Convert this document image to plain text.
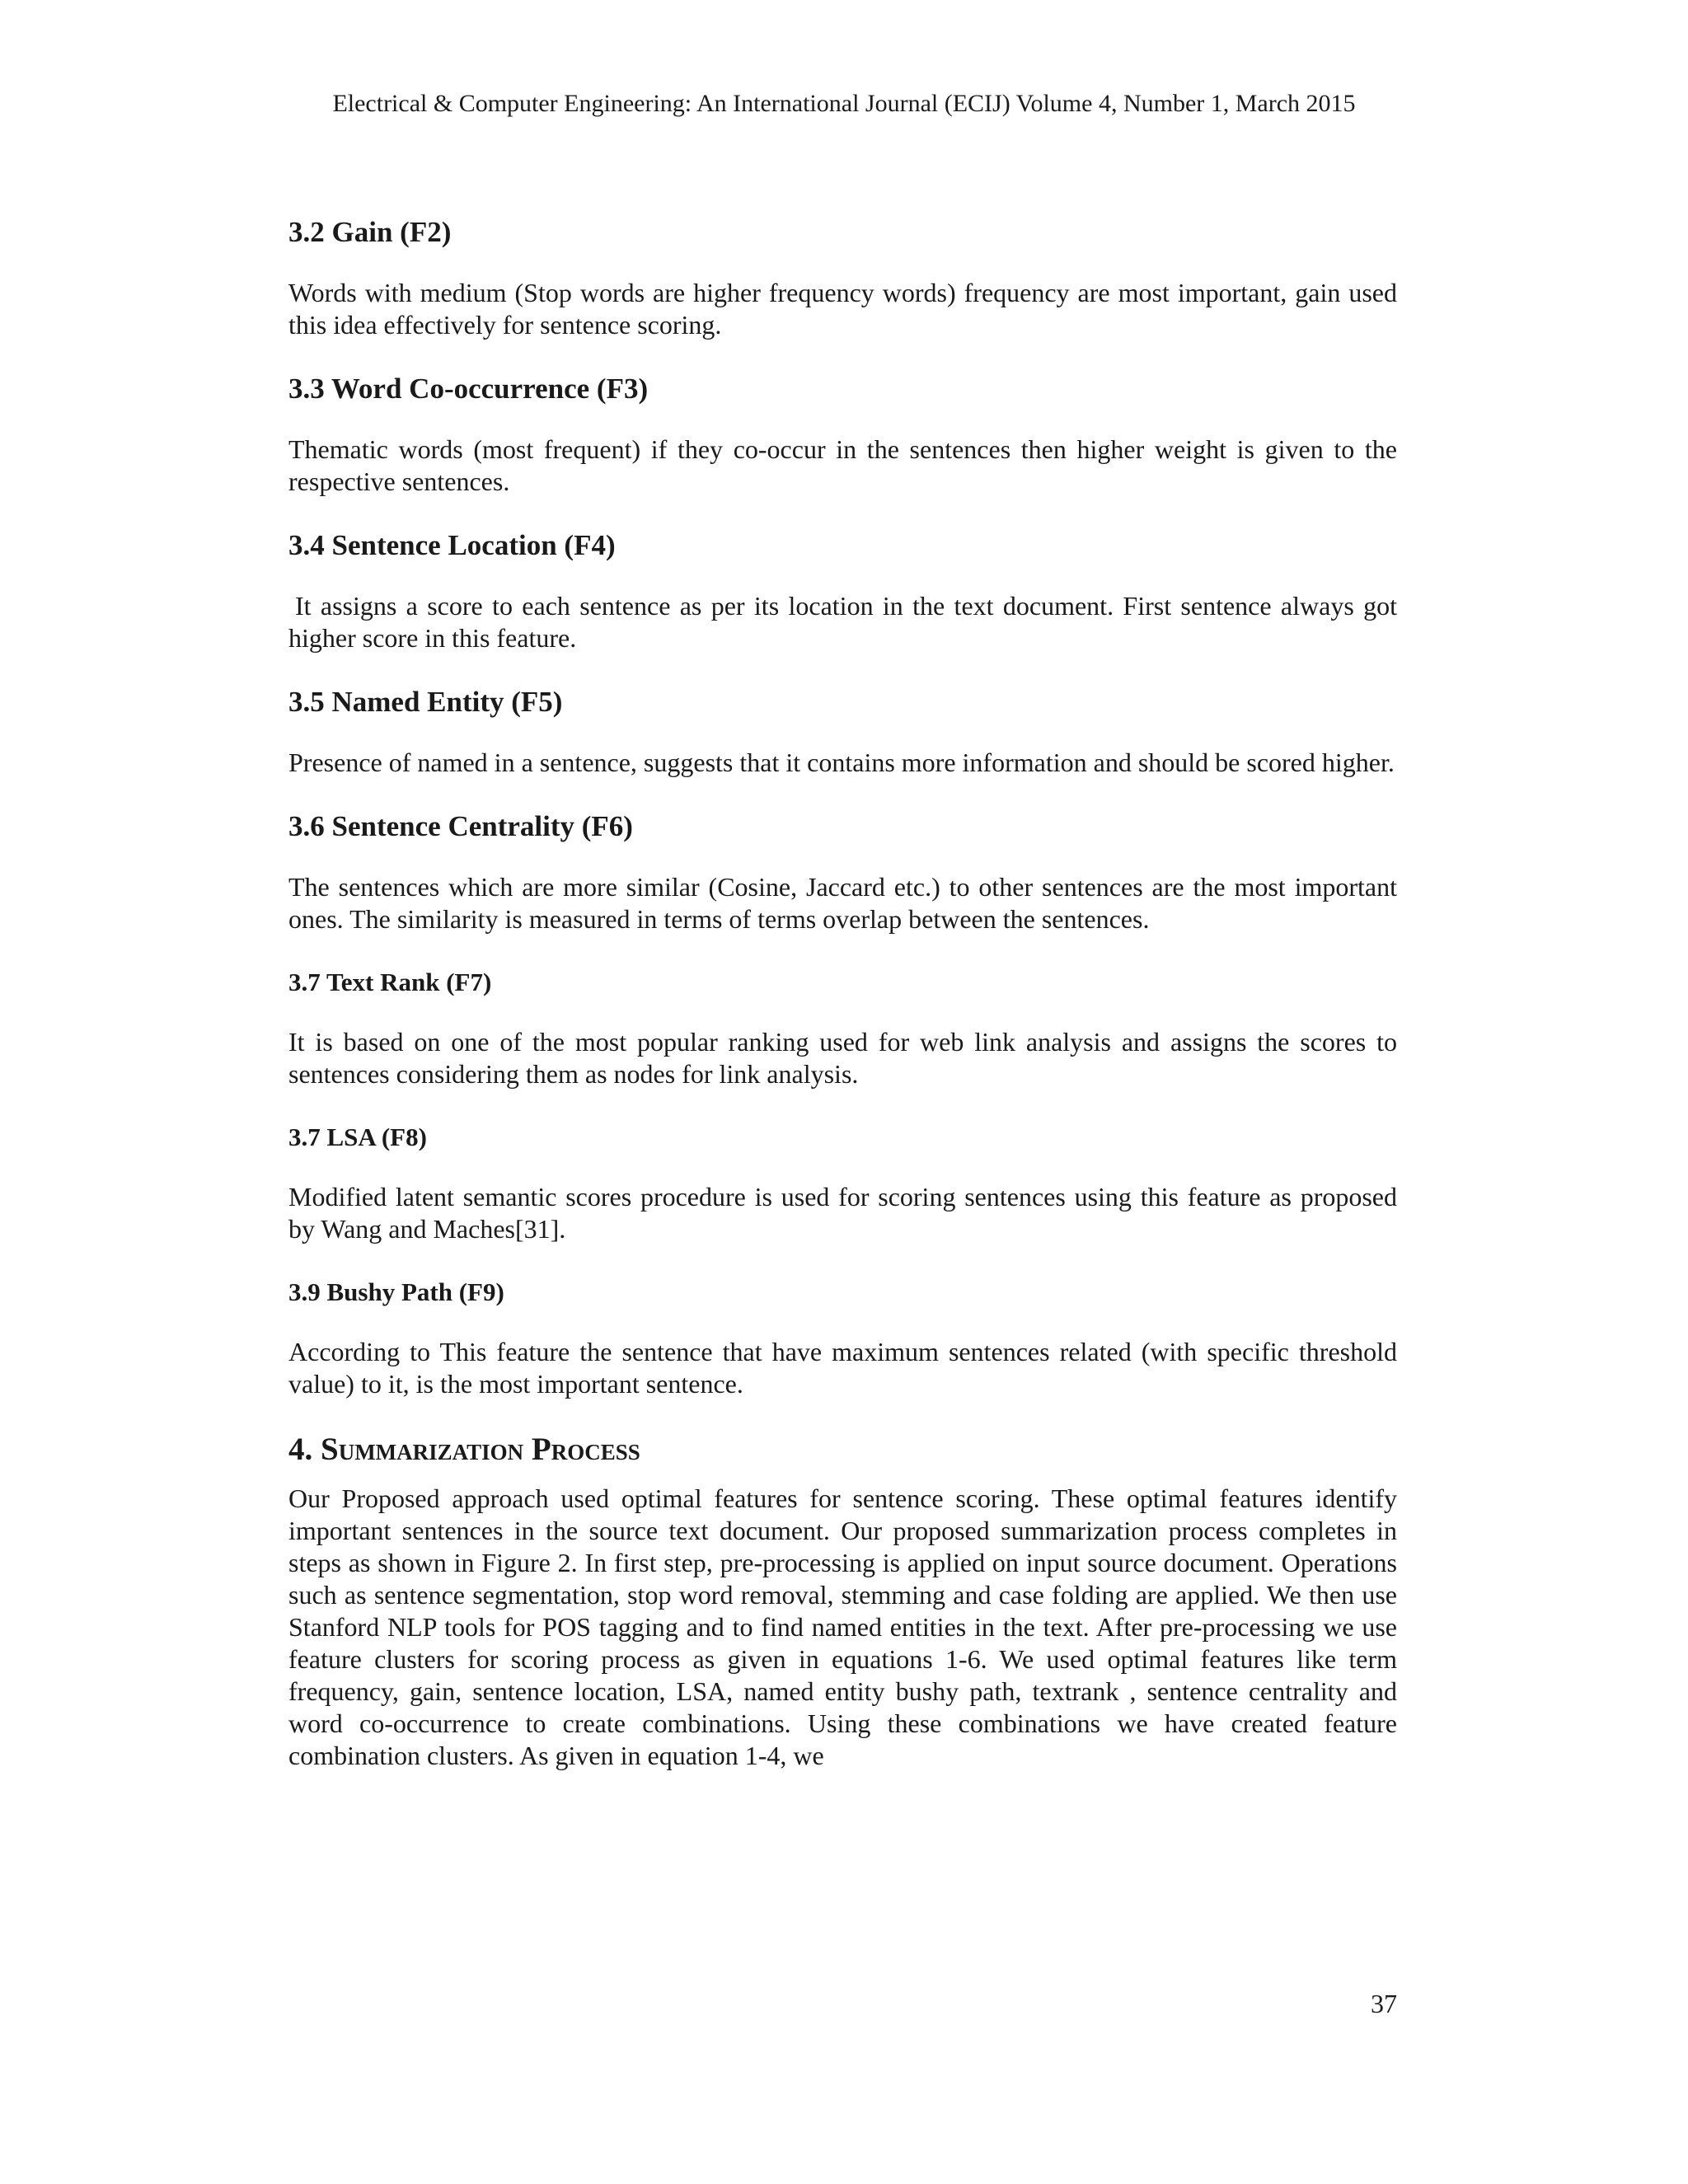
Electrical & Computer Engineering: An International Journal (ECIJ) Volume 4, Number 1, March 2015
3.2 Gain (F2)

Words with medium (Stop words are higher frequency words) frequency are most important, gain used this idea effectively for sentence scoring.

3.3 Word Co-occurrence (F3)

Thematic words (most frequent) if they co-occur in the sentences then higher weight is given to the respective sentences.

3.4 Sentence Location (F4)

It assigns a score to each sentence as per its location in the text document. First sentence always got higher score in this feature.

3.5 Named Entity (F5)

Presence of named in a sentence, suggests that it contains more information and should be scored higher.

3.6 Sentence Centrality (F6)

The sentences which are more similar (Cosine, Jaccard etc.) to other sentences are the most important ones. The similarity is measured in terms of terms overlap between the sentences.

3.7 Text Rank (F7)

It is based on one of the most popular ranking used for web link analysis and assigns the scores to sentences considering them as nodes for link analysis.

3.7 LSA (F8)

Modified latent semantic scores procedure is used for scoring sentences using this feature as proposed by Wang and Maches[31].

3.9 Bushy Path (F9)

According to This feature the sentence that have maximum sentences related (with specific threshold value) to it, is the most important sentence.

4. Summarization Process

Our Proposed approach used optimal features for sentence scoring. These optimal features identify important sentences in the source text document. Our proposed summarization process completes in steps as shown in Figure 2. In first step, pre-processing is applied on input source document. Operations such as sentence segmentation, stop word removal, stemming and case folding are applied. We then use Stanford NLP tools for POS tagging and to find named entities in the text. After pre-processing we use feature clusters for scoring process as given in equations 1-6. We used optimal features like term frequency, gain, sentence location, LSA, named entity bushy path, textrank , sentence centrality and word co-occurrence to create combinations. Using these combinations we have created feature combination clusters. As given in equation 1-4, we

37
